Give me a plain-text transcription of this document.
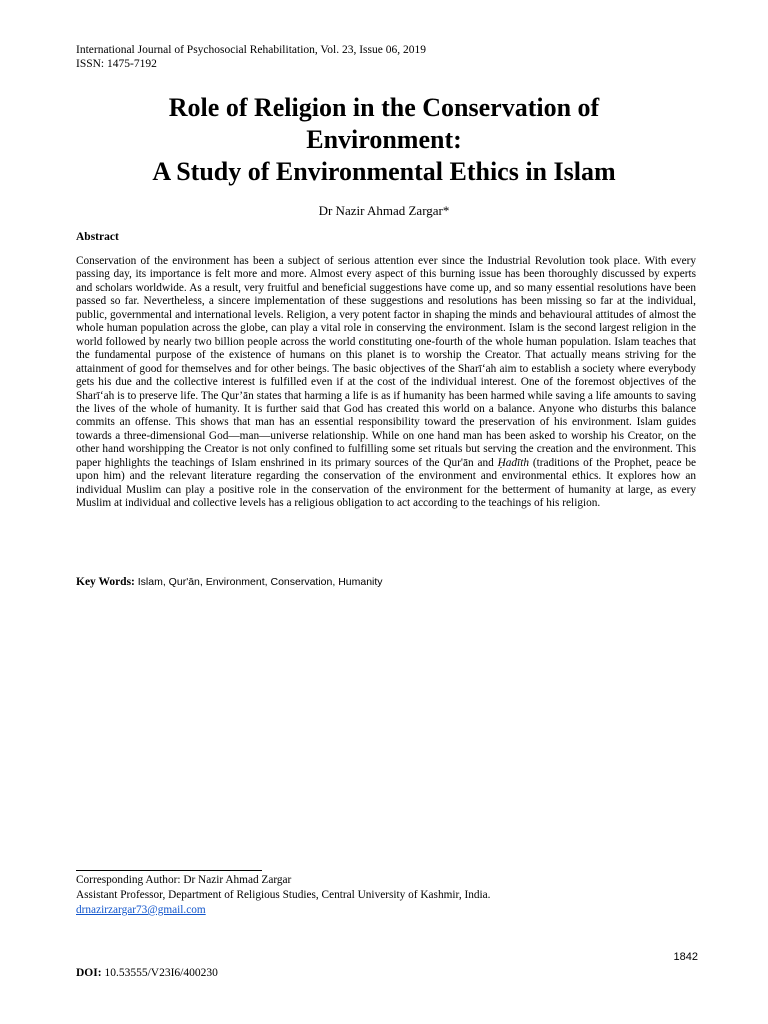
International Journal of Psychosocial Rehabilitation, Vol. 23, Issue 06, 2019
ISSN: 1475-7192
Role of Religion in the Conservation of
Environment:
A Study of Environmental Ethics in Islam
Dr Nazir Ahmad Zargar*
Abstract

Conservation of the environment has been a subject of serious attention ever since the Industrial Revolution took place. With every passing day, its importance is felt more and more. Almost every aspect of this burning issue has been thoroughly discussed by experts and scholars worldwide. As a result, very fruitful and beneficial suggestions have come up, and so many essential resolutions have been passed so far. Nevertheless, a sincere implementation of these suggestions and resolutions has been missing so far at the individual, public, governmental and international levels. Religion, a very potent factor in shaping the minds and behavioural attitudes of almost the whole human population across the globe, can play a vital role in conserving the environment. Islam is the second largest religion in the world followed by nearly two billion people across the world constituting one-fourth of the whole human population. Islam teaches that the fundamental purpose of the existence of humans on this planet is to worship the Creator. That actually means striving for the attainment of good for themselves and for other beings. The basic objectives of the Sharī‘ah aim to establish a society where everybody gets his due and the collective interest is fulfilled even if at the cost of the individual interest. One of the foremost objectives of the Sharī‘ah is to preserve life. The Qur’ān states that harming a life is as if humanity has been harmed while saving a life amounts to saving the lives of the whole of humanity. It is further said that God has created this world on a balance. Anyone who disturbs this balance commits an offense. This shows that man has an essential responsibility toward the preservation of his environment. Islam guides towards a three-dimensional God—man—universe relationship. While on one hand man has been asked to worship his Creator, on the other hand worshipping the Creator is not only confined to fulfilling some set rituals but serving the creation and the environment. This paper highlights the teachings of Islam enshrined in its primary sources of the Qur'ān and Ḥadīth (traditions of the Prophet, peace be upon him) and the relevant literature regarding the conservation of the environment and environmental ethics. It explores how an individual Muslim can play a positive role in the conservation of the environment for the betterment of humanity at large, as every Muslim at individual and collective levels has a religious obligation to act according to the teachings of his religion.

Key Words: Islam, Qur'ān, Environment, Conservation, Humanity
Corresponding Author: Dr Nazir Ahmad Zargar
Assistant Professor, Department of Religious Studies, Central University of Kashmir, India.
drnazirzargar73@gmail.com
1842
DOI: 10.53555/V23I6/400230
